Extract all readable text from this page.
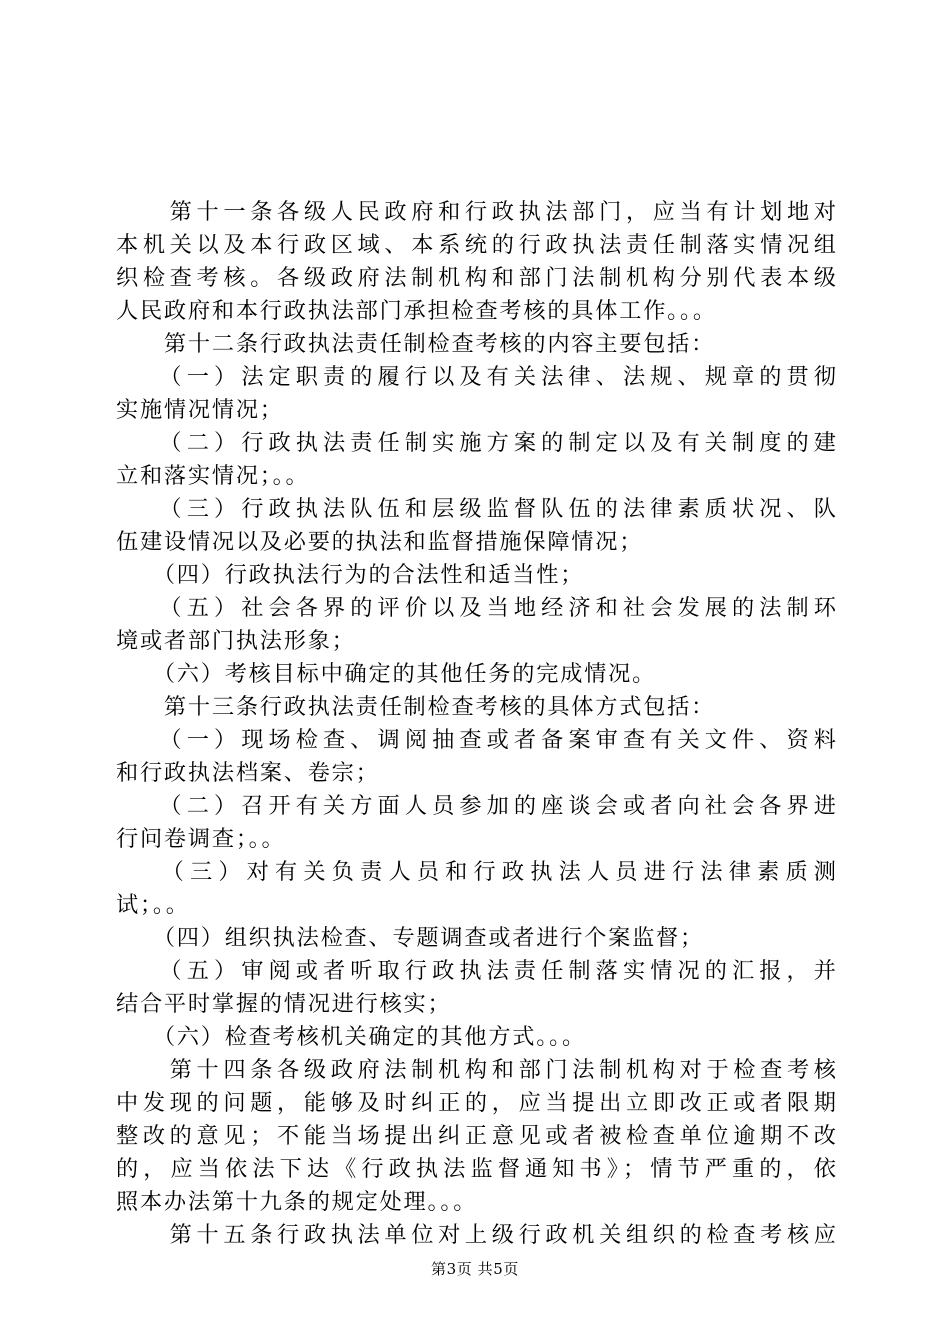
　　第十一条各级人民政府和行政执法部门，应当有计划地对
本机关以及本行政区域、本系统的行政执法责任制落实情况组
织检查考核。各级政府法制机构和部门法制机构分别代表本级
人民政府和本行政执法部门承担检查考核的具体工作。。。
　　第十二条行政执法责任制检查考核的内容主要包括：
　　（一）法定职责的履行以及有关法律、法规、规章的贯彻
实施情况情况；
　　（二）行政执法责任制实施方案的制定以及有关制度的建
立和落实情况；。。
　　（三）行政执法队伍和层级监督队伍的法律素质状况、队
伍建设情况以及必要的执法和监督措施保障情况；
　　（四）行政执法行为的合法性和适当性；
　　（五）社会各界的评价以及当地经济和社会发展的法制环
境或者部门执法形象；
　　（六）考核目标中确定的其他任务的完成情况。
　　第十三条行政执法责任制检查考核的具体方式包括：
　　（一）现场检查、调阅抽查或者备案审查有关文件、资料
和行政执法档案、卷宗；
　　（二）召开有关方面人员参加的座谈会或者向社会各界进
行问卷调查；。。
　　（三）对有关负责人员和行政执法人员进行法律素质测
试；。。
　　（四）组织执法检查、专题调查或者进行个案监督；
　　（五）审阅或者听取行政执法责任制落实情况的汇报，并
结合平时掌握的情况进行核实；
　　（六）检查考核机关确定的其他方式。。。
　　第十四条各级政府法制机构和部门法制机构对于检查考核
中发现的问题，能够及时纠正的，应当提出立即改正或者限期
整改的意见；不能当场提出纠正意见或者被检查单位逾期不改
的，应当依法下达《行政执法监督通知书》；情节严重的，依
照本办法第十九条的规定处理。。。
　　第十五条行政执法单位对上级行政机关组织的检查考核应
第3页 共5页
